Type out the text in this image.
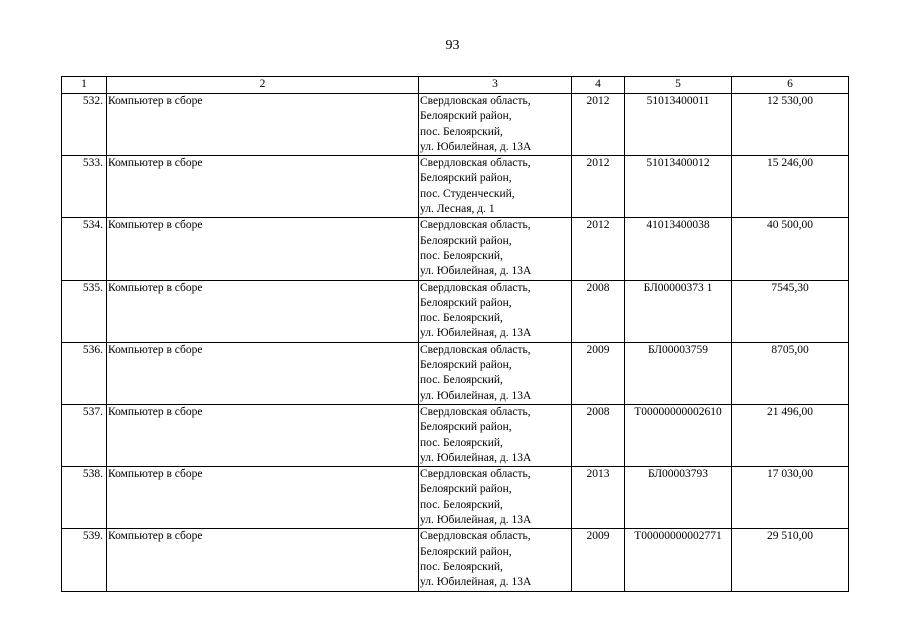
93
1	2	3	4	5	6
532.	Компьютер в сборе	Свердловская область,
Белоярский район,
пос. Белоярский,
ул. Юбилейная, д. 13А	2012	51013400011	12 530,00
533.	Компьютер в сборе	Свердловская область,
Белоярский район,
пос. Студенческий,
ул. Лесная, д. 1	2012	51013400012	15 246,00
534.	Компьютер в сборе	Свердловская область,
Белоярский район,
пос. Белоярский,
ул. Юбилейная, д. 13А	2012	41013400038	40 500,00
535.	Компьютер в сборе	Свердловская область,
Белоярский район,
пос. Белоярский,
ул. Юбилейная, д. 13А	2008	БЛ00000373 1	7545,30
536.	Компьютер в сборе	Свердловская область,
Белоярский район,
пос. Белоярский,
ул. Юбилейная, д. 13А	2009	БЛ00003759	8705,00
537.	Компьютер в сборе	Свердловская область,
Белоярский район,
пос. Белоярский,
ул. Юбилейная, д. 13А	2008	Т00000000002610	21 496,00
538.	Компьютер в сборе	Свердловская область,
Белоярский район,
пос. Белоярский,
ул. Юбилейная, д. 13А	2013	БЛ00003793	17 030,00
539.	Компьютер в сборе	Свердловская область,
Белоярский район,
пос. Белоярский,
ул. Юбилейная, д. 13А	2009	Т00000000002771	29 510,00
